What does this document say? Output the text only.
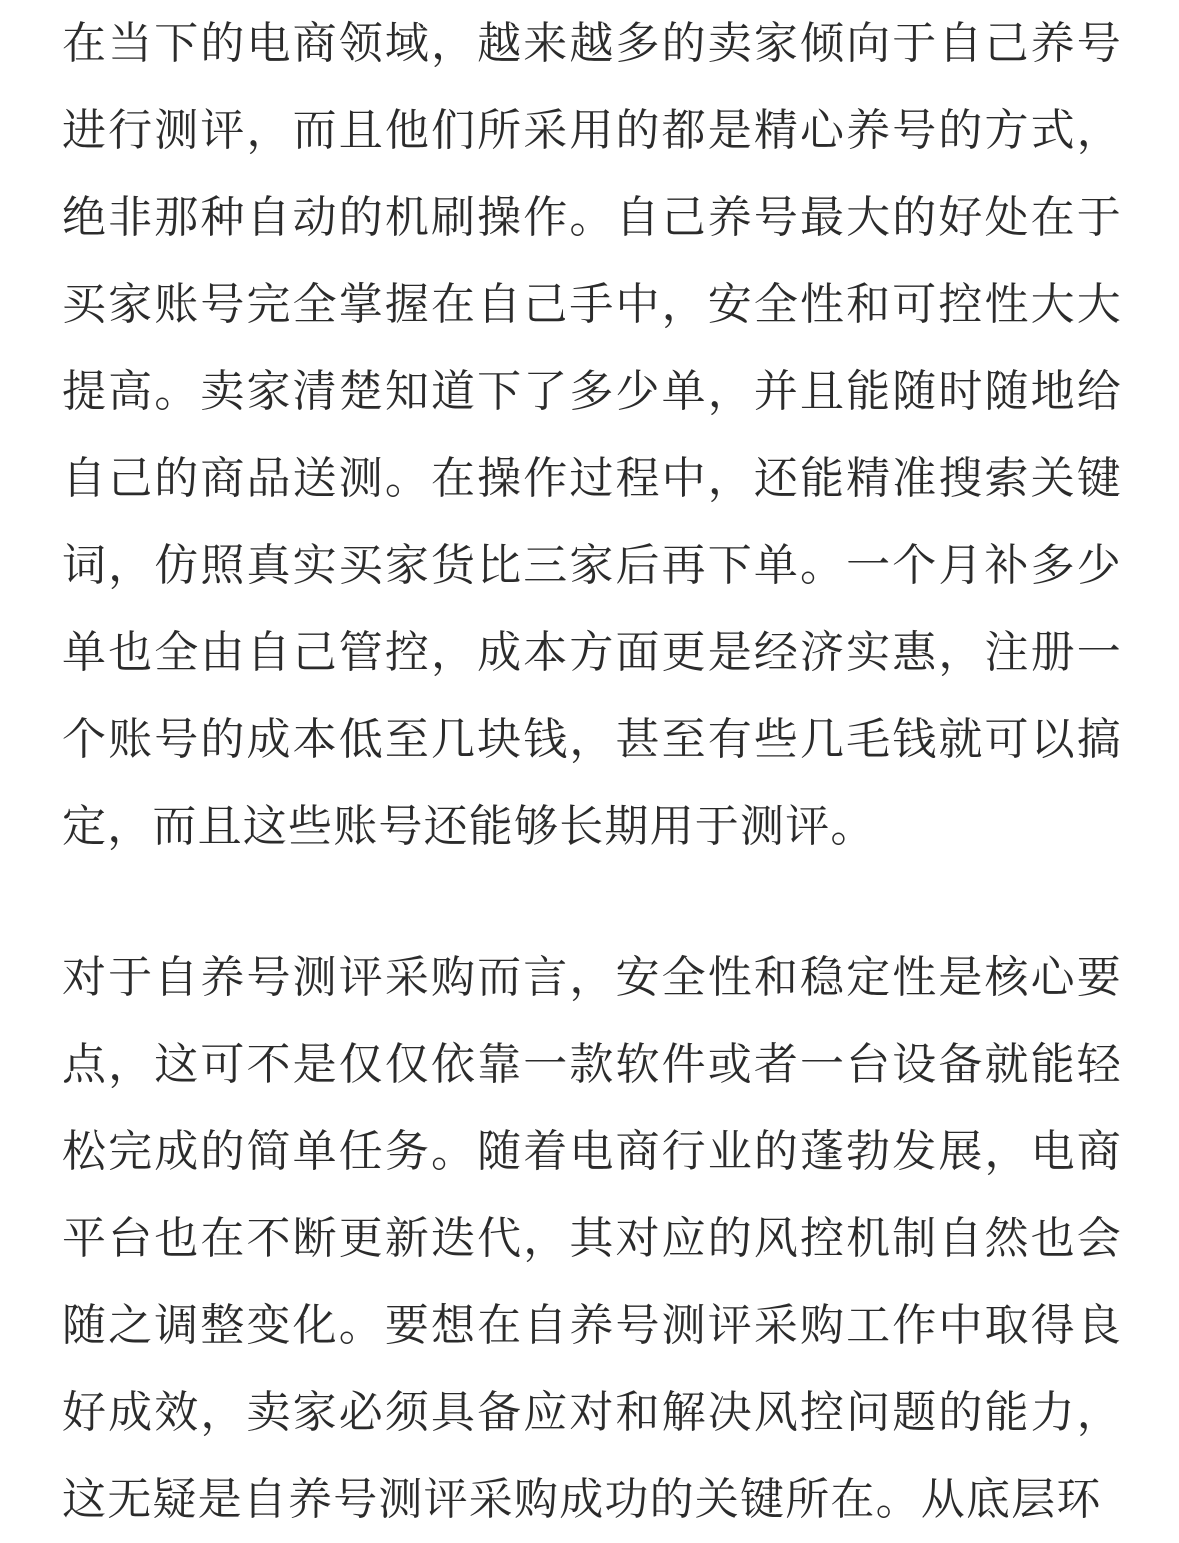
在当下的电商领域，越来越多的卖家倾向于自己养号进行测评，而且他们所采用的都是精心养号的方式，绝非那种自动的机刷操作。自己养号最大的好处在于买家账号完全掌握在自己手中，安全性和可控性大大提高。卖家清楚知道下了多少单，并且能随时随地给自己的商品送测。在操作过程中，还能精准搜索关键词，仿照真实买家货比三家后再下单。一个月补多少单也全由自己管控，成本方面更是经济实惠，注册一个账号的成本低至几块钱，甚至有些几毛钱就可以搞定，而且这些账号还能够长期用于测评。

对于自养号测评采购而言，安全性和稳定性是核心要点，这可不是仅仅依靠一款软件或者一台设备就能轻松完成的简单任务。随着电商行业的蓬勃发展，电商平台也在不断更新迭代，其对应的风控机制自然也会随之调整变化。要想在自养号测评采购工作中取得良好成效，卖家必须具备应对和解决风控问题的能力，这无疑是自养号测评采购成功的关键所在。从底层环
